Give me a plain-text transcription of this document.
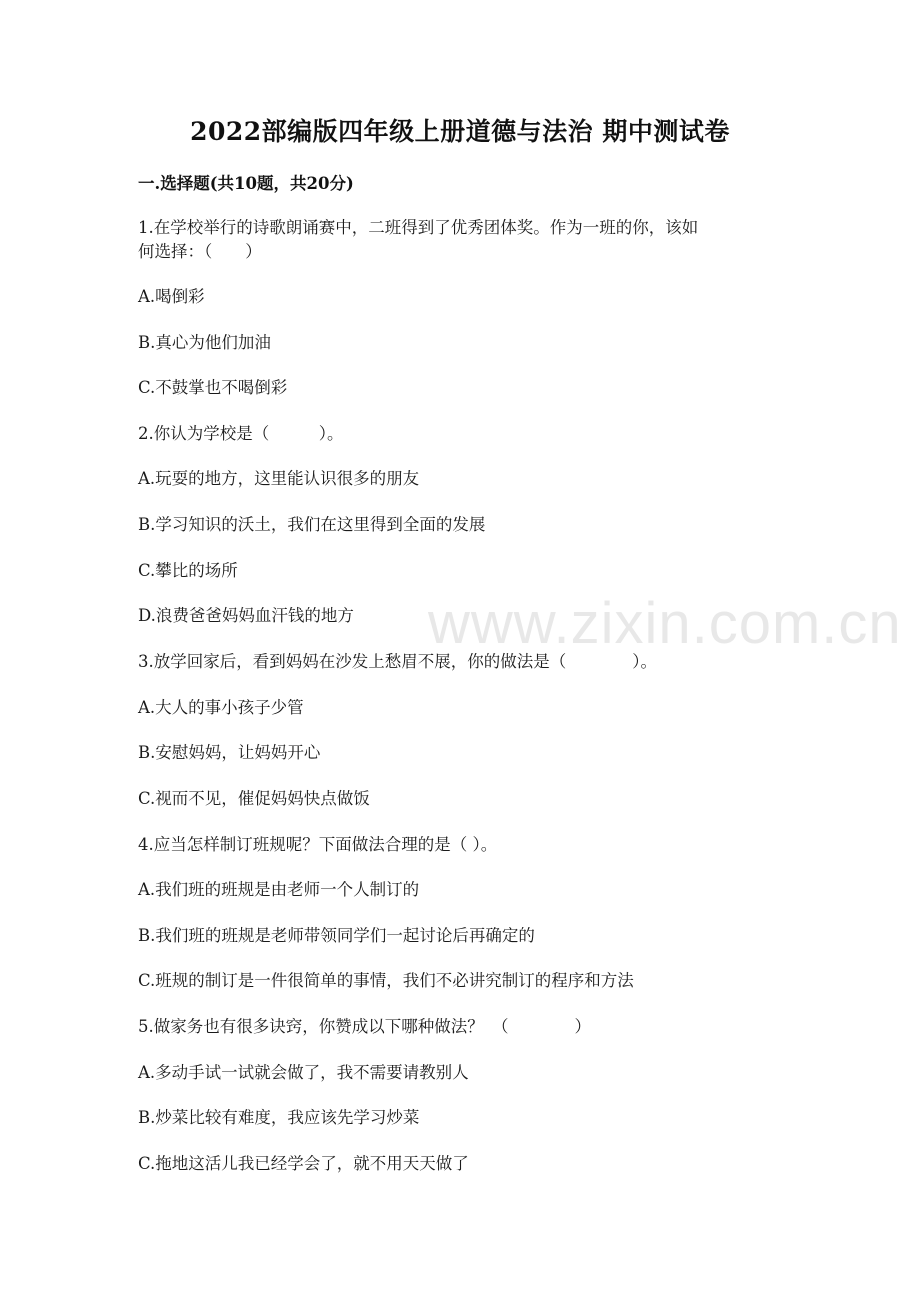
2022部编版四年级上册道德与法治 期中测试卷
一.选择题(共10题，共20分)
1.在学校举行的诗歌朗诵赛中，二班得到了优秀团体奖。作为一班的你，该如
何选择：（　　）
A.喝倒彩
B.真心为他们加油
C.不鼓掌也不喝倒彩
2.你认为学校是（　　　）。
A.玩耍的地方，这里能认识很多的朋友
B.学习知识的沃土，我们在这里得到全面的发展
C.攀比的场所
D.浪费爸爸妈妈血汗钱的地方
3.放学回家后，看到妈妈在沙发上愁眉不展，你的做法是（　　　　）。
A.大人的事小孩子少管
B.安慰妈妈，让妈妈开心
C.视而不见，催促妈妈快点做饭
4.应当怎样制订班规呢？下面做法合理的是（ ）。
A.我们班的班规是由老师一个人制订的
B.我们班的班规是老师带领同学们一起讨论后再确定的
C.班规的制订是一件很简单的事情，我们不必讲究制订的程序和方法
5.做家务也有很多诀窍，你赞成以下哪种做法？　（　　　　）
A.多动手试一试就会做了，我不需要请教别人
B.炒菜比较有难度，我应该先学习炒菜
C.拖地这活儿我已经学会了，就不用天天做了
www.zixin.com.cn
